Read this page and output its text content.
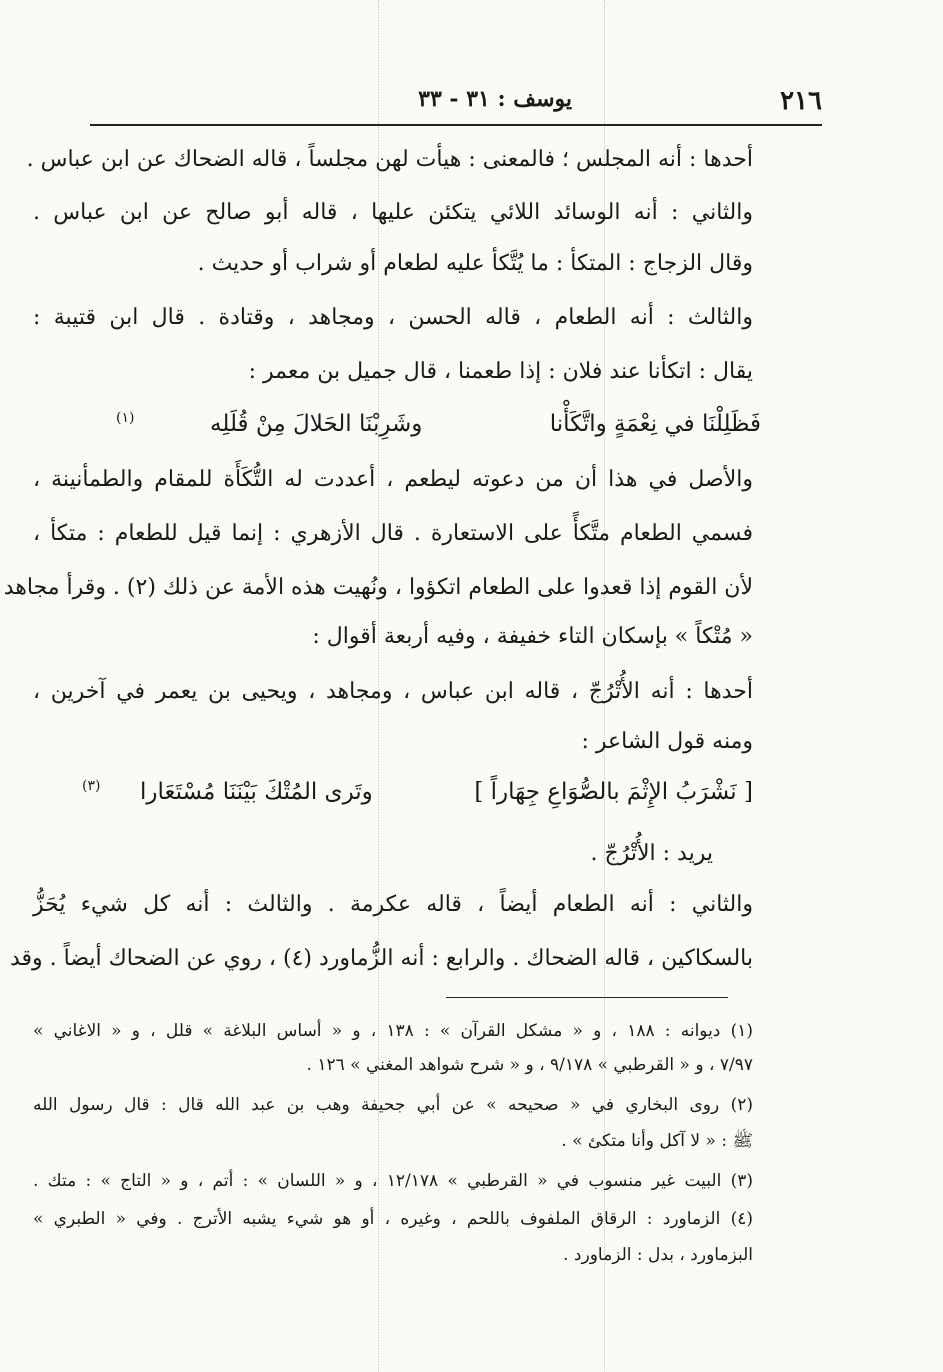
٢١٦
يوسف : ٣١ - ٣٣
أحدها : أنه المجلس ؛ فالمعنى : هيأت لهن مجلساً ، قاله الضحاك عن ابن عباس .
والثاني : أنه الوسائد اللائي يتكئن عليها ، قاله أبو صالح عن ابن عباس .
وقال الزجاج : المتكأ : ما يُتَّكأ عليه لطعام أو شراب أو حديث .
والثالث : أنه الطعام ، قاله الحسن ، ومجاهد ، وقتادة . قال ابن قتيبة :
يقال : اتكأنا عند فلان : إذا طعمنا ، قال جميل بن معمر :
فَظَلِلْنَا في نِعْمَةٍ واتَّكَأْنا
وشَرِبْنَا الحَلالَ مِنْ قُلَلِه
(١)
والأصل في هذا أن من دعوته ليطعم ، أعددت له التُّكَأَة للمقام والطمأنينة ،
فسمي الطعام متَّكأً على الاستعارة . قال الأزهري : إنما قيل للطعام : متكأ ،
لأن القوم إذا قعدوا على الطعام اتكؤوا ، ونُهيت هذه الأمة عن ذلك (٢) . وقرأ مجاهد
« مُتْكاً » بإسكان التاء خفيفة ، وفيه أربعة أقوال :
أحدها : أنه الأُتْرُجّ ، قاله ابن عباس ، ومجاهد ، ويحيى بن يعمر في آخرين ،
ومنه قول الشاعر :
[ نَشْرَبُ الإِثْمَ بالصُّوَاعِ جِهَاراً ]
وتَرى المُتْكَ بَيْنَنَا مُسْتَعَارا
(٣)
يريد : الأُتْرُجّ .
والثاني : أنه الطعام أيضاً ، قاله عكرمة . والثالث : أنه كل شيء يُحَزُّ
بالسكاكين ، قاله الضحاك . والرابع : أنه الزُّماورد (٤) ، روي عن الضحاك أيضاً . وقد
(١) ديوانه : ١٨٨ ، و « مشكل القرآن » : ١٣٨ ، و « أساس البلاغة » قلل ، و « الاغاني »
٧/٩٧ ، و « القرطبي » ٩/١٧٨ ، و « شرح شواهد المغني » ١٢٦ .
(٢) روى البخاري في « صحيحه » عن أبي جحيفة وهب بن عبد الله قال : قال رسول الله
ﷺ : « لا آكل وأنا متكئ » .
(٣) البيت غير منسوب في « القرطبي » ١٢/١٧٨ ، و « اللسان » : أتم ، و « التاج » : متك .
(٤) الزماورد : الرقاق الملفوف باللحم ، وغيره ، أو هو شيء يشبه الأترج . وفي « الطبري »
البزماورد ، بدل : الزماورد .
